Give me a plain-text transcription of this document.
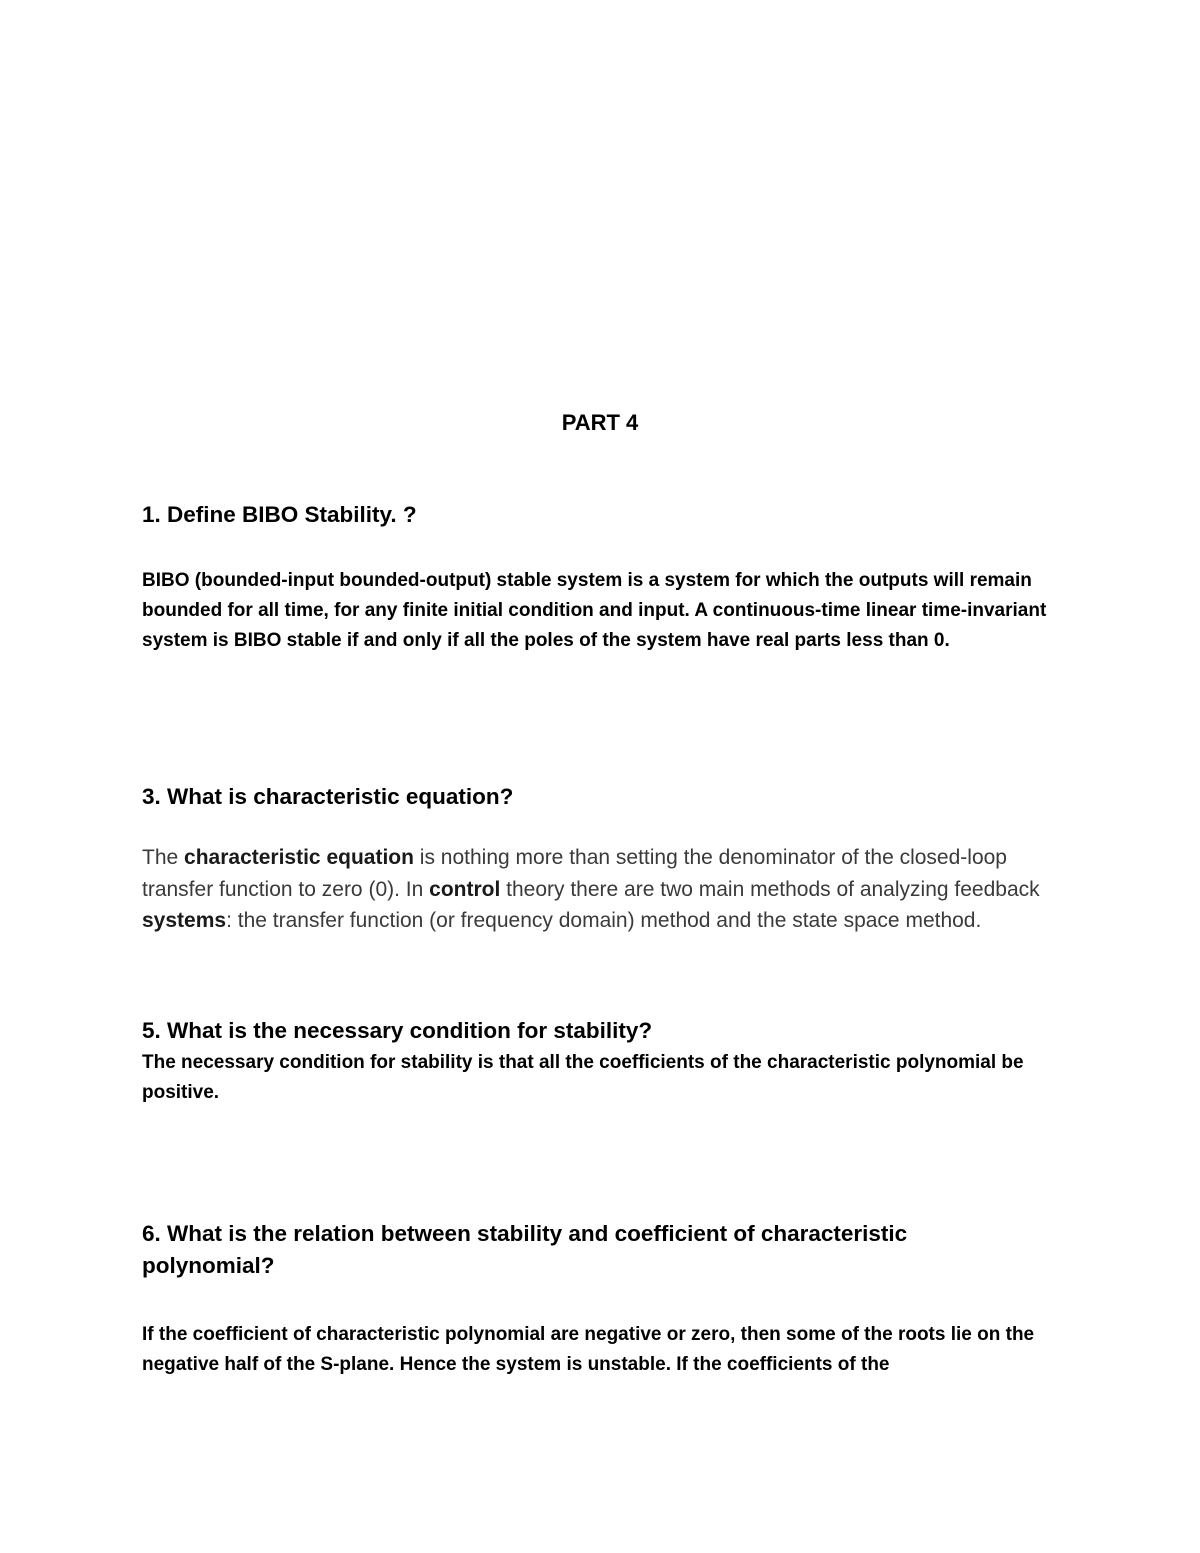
PART 4

1. Define BIBO Stability. ?

BIBO (bounded-input bounded-output) stable system is a system for which the outputs will remain bounded for all time, for any finite initial condition and input. A continuous-time linear time-invariant system is BIBO stable if and only if all the poles of the system have real parts less than 0.

3. What is characteristic equation?

The characteristic equation is nothing more than setting the denominator of the closed-loop transfer function to zero (0). In control theory there are two main methods of analyzing feedback systems: the transfer function (or frequency domain) method and the state space method.

5. What is the necessary condition for stability?

The necessary condition for stability is that all the coefficients of the characteristic polynomial be positive.

6. What is the relation between stability and coefficient of characteristic polynomial?

If the coefficient of characteristic polynomial are negative or zero, then some of the roots lie on the negative half of the S-plane. Hence the system is unstable. If the coefficients of the
